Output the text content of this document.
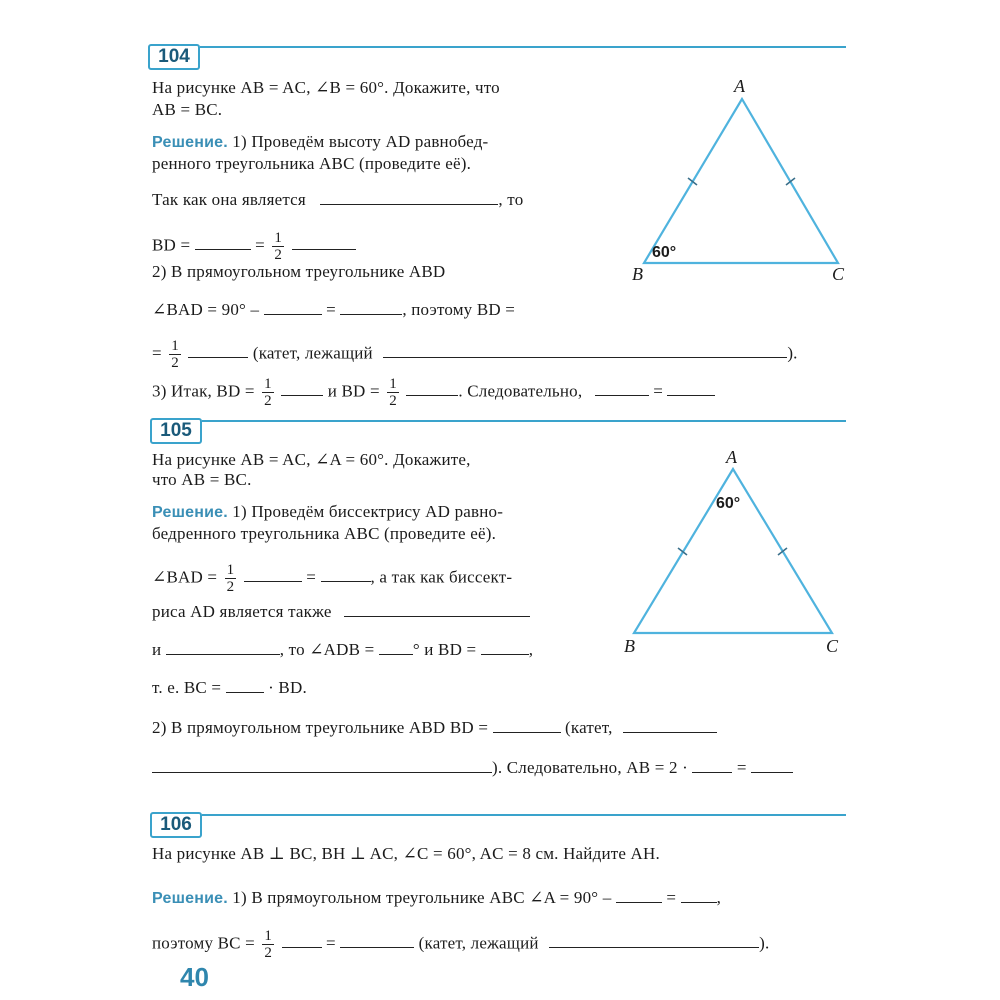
104
На рисунке AB = AC, ∠B = 60°. Докажите, что
AB = BC.
Решение. 1) Проведём высоту AD равнобед-
ренного треугольника ABC (проведите её).
Так как она является	, то
BD =	= $\frac{1}{2}$

2) В прямоугольном треугольнике ABD
∠BAD = 90° –	=	, поэтому BD =
= $\frac{1}{2}$	(катет, лежащий	).
3) Итак, BD = $\frac{1}{2}$	и BD = $\frac{1}{2}$	. Следовательно,	=
105
На рисунке AB = AC, ∠A = 60°. Докажите,
что AB = BC.
Решение. 1) Проведём биссектрису AD равно-
бедренного треугольника ABC (проведите её).
∠BAD = $\frac{1}{2}$	=	, а так как биссект-
риса AD является также
и	, то ∠ADB = ° и BD =	,
т. е. BC =	· BD.
2) В прямоугольном треугольнике ABD BD =	(катет,
). Следовательно, AB = 2 ·	=
106
На рисунке AB ⊥ BC, BH ⊥ AC, ∠C = 60°, AC = 8 см. Найдите AH.
Решение. 1) В прямоугольном треугольнике ABC ∠A = 90° –	= ,
поэтому BC = $\frac{1}{2}$	=	(катет, лежащий	).
40
A
B	C
60°
A
B	C
60°
